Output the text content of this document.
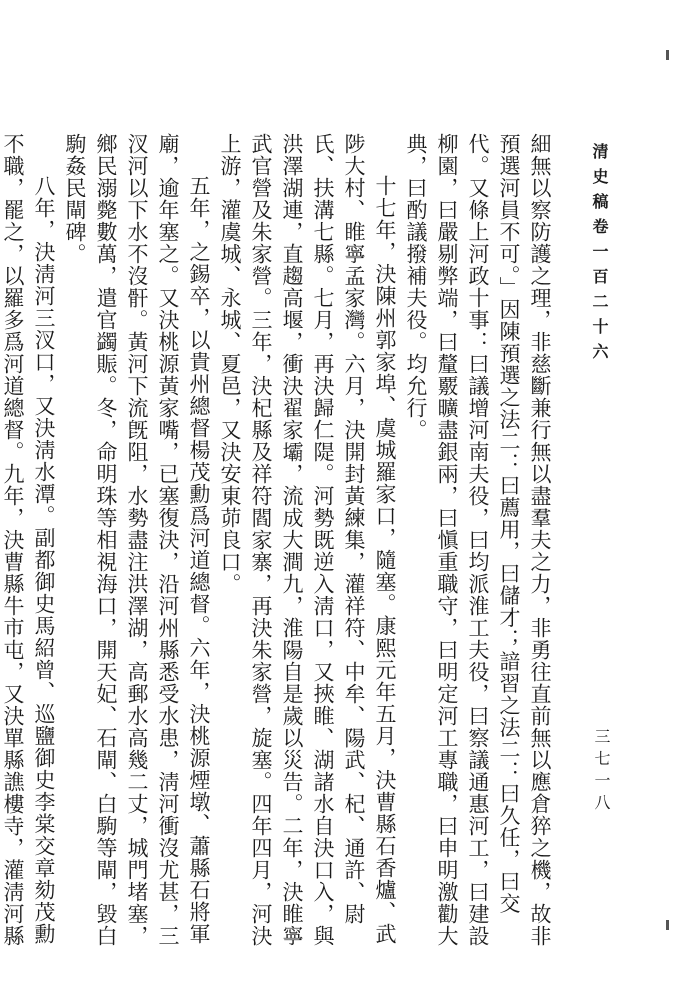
清史稿卷一百二十六
三七一八

細無以察防護之理，非慈斷兼行無以盡羣夫之力，非勇往直前無以應倉猝之機，故非預選河員不可。」因陳預選之法二：曰薦用，曰儲才；諳習之法二：曰久任，曰交代。又條上河政十事：曰議增河南夫役，曰均派淮工夫役，曰察議通惠河工，曰建設柳園，曰嚴剔弊端，曰釐覈曠盡銀兩，曰愼重職守，曰明定河工專職，曰申明激勸大典，曰酌議撥補夫役。均允行。

十七年，決陳州郭家埠、虞城羅家口，隨塞。康熙元年五月，決曹縣石香爐、武陟大村、睢寧孟家灣。六月，決開封黃練集，灌祥符、中牟、陽武、杞、通許、尉氏、扶溝七縣。七月，再決歸仁隄。河勢既逆入淸口，又挾睢、湖諸水自決口入，與洪澤湖連，直趨高堰，衝決翟家壩，流成大澗九，淮陽自是歲以災告。二年，決睢寧武官營及朱家營。三年，決杞縣及祥符閻家寨，再決朱家營，旋塞。四年四月，河決上游，灌虞城、永城、夏邑，又決安東茆良口。

五年，之錫卒，以貴州總督楊茂勳爲河道總督。六年，決桃源煙墩、蕭縣石將軍廟，逾年塞之。又決桃源黃家嘴，已塞復決，沿河州縣悉受水患，淸河衝沒尤甚，三汊河以下水不沒骭。黃河下流旣阻，水勢盡注洪澤湖，高郵水高幾二丈，城門堵塞，鄉民溺斃數萬，遣官蠲賑。冬，命明珠等相視海口，開天妃、石閘、白駒等閘，毀白駒姦民閘碑。

八年，決淸河三汊口，又決淸水潭。副都御史馬紹曾、巡鹽御史李棠交章劾茂勳不職，罷之，以羅多爲河道總督。九年，決曹縣牛市屯，又決單縣譙樓寺，灌淸河縣
